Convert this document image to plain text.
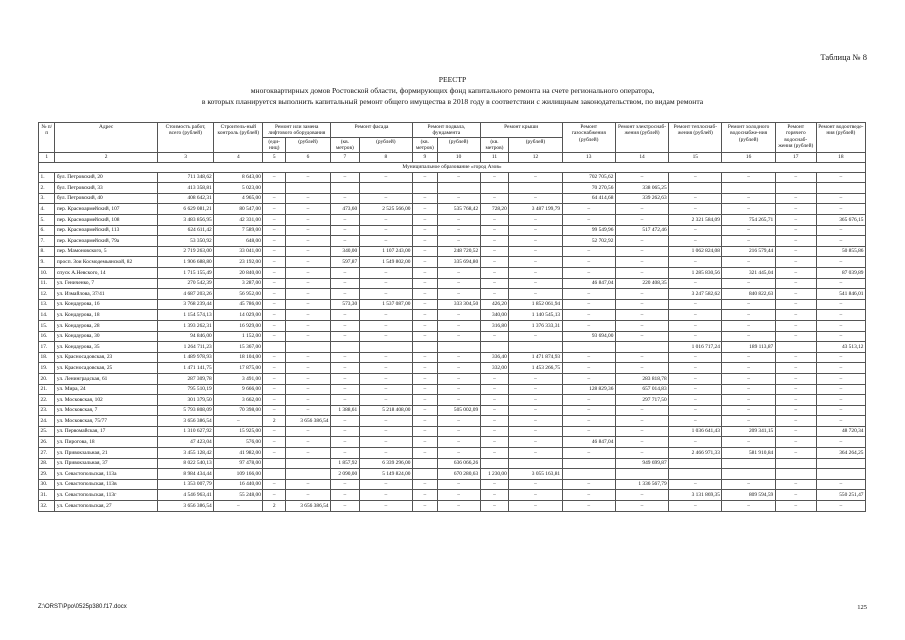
Таблица № 8
РЕЕСТР
многоквартирных домов Ростовской области, формирующих фонд капитального ремонта на счете регионального оператора,
в которых планируется выполнить капитальный ремонт общего имущества в 2018 году в соответствии с жилищным законодательством, по видам ремонта
№ п/п	Адрес	Стоимость работ, всего (рублей)	Строитель-ный контроль (рублей)	Ремонт или замена лифтового оборудования		Ремонт фасада		Ремонт подвала, фундамента		Ремонт крыши		Ремонт газоснабжения (рублей)	Ремонт электроснаб-жения (рублей)	Ремонт теплоснаб-жения (рублей)	Ремонт холодного водоснабже-ния (рублей)	Ремонт горячего водоснаб-жения (рублей)	Ремонт водоотведе-ния (рублей)
				(еди-ниц)	(рублей)	(кв. метров)	(рублей)	(кв. метров)	(рублей)	(кв. метров)	(рублей)						
1	2	3	4	5	6	7	8	9	10	11	12	13	14	15	16	17	18
Муниципальное образование «город Азов»																	
1.	бул. Петровский, 20	711 348,62	8 643,00	–	–	–	–	–	–	–	–	702 705,62	–	–	–	–	–
2.	бул. Петровский, 33	413 358,81	5 023,00									70 270,56	338 065,25				
3.	бул. Петровский, 40	408 642,31	4 965,00	–	–	–	–	–	–	–	–	64 414,68	339 262,63	–	–	–	–
4.	пер. Красноармейский, 107	6 629 081,21	80 547,00	–	–	473,60	2 525 566,00	–	535 768,42	728,20	3 487 199,79	–	–	–	–	–	–
5.	пер. Красноармейский, 108	3 483 856,95	42 331,00	–	–	–	–	–	–	–	–	–	–	2 321 584,09	754 265,71	–	365 676,15
6.	пер. Красноармейский, 113	624 611,42	7 589,00	–	–	–	–	–	–	–	–	99 549,96	517 472,46	–	–	–	–
7.	пер. Красноармейский, 79а	53 350,92	648,00	–	–	–	–	–	–	–	–	52 702,92	–	–	–	–	–
8.	пер. Мамоновского, 5	2 719 263,00	33 041,00	–	–	340,00	1 107 243,00	–	248 720,52	–	–	–	–	1 062 824,08	216 579,44	–	50 855,86
9.	просп. Зои Космодемьянской, 82	1 906 688,80	23 192,00	–	–	597,87	1 549 802,00	–	335 694,80	–	–	–	–	–	–	–	–
10.	спуск А.Невского, 14	1 715 155,49	20 840,00	–	–	–	–	–	–	–	–	–	–	1 285 830,56	321 445,04	–	87 039,89
11.	ул. Гениченко, 7	270 542,39	3 287,00	–	–	–	–	–	–	–	–	46 847,04	220 408,35	–	–	–	–
12.	ул. Измайлова, 37/41	4 687 203,26	56 952,00	–	–	–	–	–	–	–	–	–	–	3 247 582,62	840 822,63	–	541 846,01
13.	ул. Кондаурова, 16	3 768 239,44	45 786,00	–	–	573,30	1 537 087,00	–	333 304,50	426,20	1 852 061,94	–	–	–	–	–	–
14.	ул. Кондаурова, 18	1 154 574,13	14 029,00	–	–	–	–	–	–	340,00	1 140 545,13	–	–	–	–	–	–
15.	ул. Кондаурова, 28	1 393 262,31	16 929,00	–	–	–	–	–	–	316,80	1 376 333,31	–	–	–	–	–	–
16.	ул. Кондаурова, 30	94 846,00	1 152,00	–	–	–	–	–	–	–	–	93 694,00	–	–	–	–	–
17.	ул. Кондаурова, 35	1 264 711,23	15 367,00											1 016 717,24	189 113,87		43 513,12
18.	ул. Красносадовская, 23	1 489 978,93	18 104,00	–	–	–	–	–	–	336,40	1 471 874,93	–	–	–	–	–	–
19.	ул. Красносадовская, 25	1 471 141,75	17 875,00	–	–	–	–	–	–	332,00	1 453 266,75	–	–	–	–	–	–
20.	ул. Ленинградская, 61	287 309,78	3 491,00	–	–	–	–	–	–	–	–	–	283 818,78	–	–	–	–
21.	ул. Мира, 24	795 510,19	9 666,00	–	–	–	–	–	–	–	–	128 829,36	657 014,83	–	–	–	–
22.	ул. Московская, 102	301 379,50	3 662,00	–	–	–	–	–	–	–	–	–	297 717,50	–	–	–	–
23.	ул. Московская, 7	5 793 808,09	70 398,00	–	–	1 388,61	5 218 408,00	–	505 002,09	–	–	–	–	–	–	–	–
24.	ул. Московская, 75/77	3 656 386,54	–	2	3 656 386,54	–	–	–	–	–	–	–	–	–	–	–	–
25.	ул. Первомайская, 17	1 310 627,92	15 925,00	–	–	–	–	–	–	–	–	–	–	1 036 641,43	209 341,15	–	48 720,34
26.	ул. Пирогова, 18	47 423,04	576,00	–	–	–	–	–	–	–	–	46 847,04	–	–	–	–	–
27.	ул. Привокзальная, 21	3 455 128,42	41 982,00	–	–	–	–	–	–	–	–	–	–	2 466 971,33	581 910,84	–	364 264,25
28.	ул. Привокзальная, 37	8 022 540,13	97 478,00			1 857,92	6 339 296,00		636 066,26				949 699,87				
29.	ул. Севастопольская, 113а	8 984 434,44	109 166,00			2 090,00	5 149 824,00		670 280,63	1 230,00	3 055 163,81						
30.	ул. Севастопольская, 113в	1 353 007,79	16 440,00	–	–	–	–	–	–	–	–	–	1 336 567,79	–	–	–	–
31.	ул. Севастопольская, 113г	4 546 963,41	55 248,00	–	–	–	–	–	–	–	–	–	–	3 131 869,35	809 594,59	–	550 251,47
32.	ул. Севастопольская, 27	3 656 386,54	–	2	3 656 386,54	–	–	–	–	–	–	–	–	–	–	–	–
Z:\ORST\Ppo\0525p380.f17.docx	125
